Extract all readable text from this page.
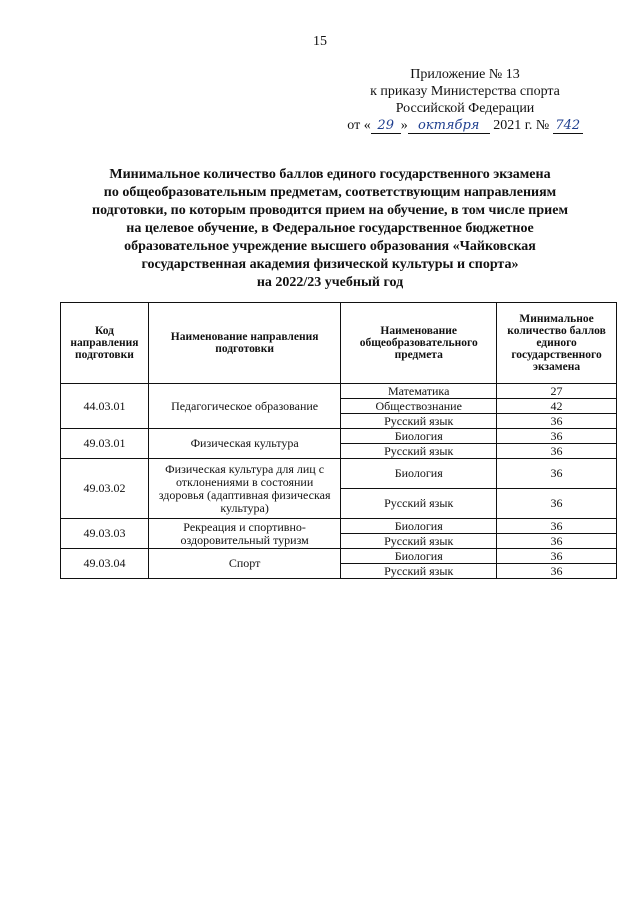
15
Приложение № 13
к приказу Министерства спорта
Российской Федерации
от « 29 » октября 2021 г. № 742
Минимальное количество баллов единого государственного экзамена
по общеобразовательным предметам, соответствующим направлениям
подготовки, по которым проводится прием на обучение, в том числе прием
на целевое обучение, в Федеральное государственное бюджетное
образовательное учреждение высшего образования «Чайковская
государственная академия физической культуры и спорта»
на 2022/23 учебный год
Код направления подготовки	Наименование направления подготовки	Наименование общеобразовательного предмета	Минимальное количество баллов единого государственного экзамена
44.03.01	Педагогическое образование	Математика	27
		Обществознание	42
		Русский язык	36
49.03.01	Физическая культура	Биология	36
		Русский язык	36
49.03.02	Физическая культура для лиц с отклонениями в состоянии здоровья (адаптивная физическая культура)	Биология	36
		Русский язык	36
49.03.03	Рекреация и спортивно-оздоровительный туризм	Биология	36
		Русский язык	36
49.03.04	Спорт	Биология	36
		Русский язык	36
